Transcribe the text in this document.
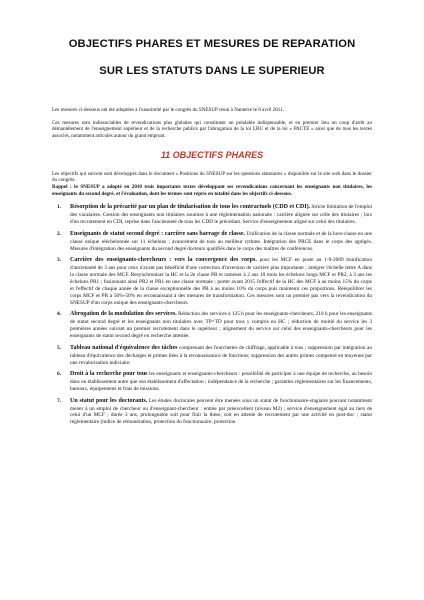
OBJECTIFS PHARES ET MESURES DE REPARATION
SUR LES STATUTS DANS LE SUPERIEUR

Les mesures ci-dessous ont été adoptées à l'unanimité par le congrès du SNESUP réuni à Nanterre le 8 avril 2011.

Ces mesures sont indissociables de revendications plus globales qui constituent un préalable indispensable, et en premier lieu un coup d'arrêt au démantèlement de l'enseignement supérieur et de la recherche publics par l'abrogation de la loi LRU et de la loi « PACTE » ainsi que de tous les textes associés, notamment articulés autour du grand emprunt.

11 OBJECTIFS PHARES

Les objectifs qui suivent sont développés dans le document « Positions du SNESUP sur les questions statutaires » disponible sur le site web dans le dossier du congrès.

Rappel : le SNESUP a adopté en 2010 trois importants textes développant ses revendications concernant les enseignants non titulaires, les enseignants du second degré, et l'évaluation, dont les termes sont repris en totalité dans les objectifs ci-dessous.

1.	Résorption de la précarité par un plan de titularisation de tous les contractuels (CDD et CDI). Stricte limitation de l'emploi des vacataires. Gestion des enseignants non titulaires soumise à une réglementation nationale : carrière alignée sur celle des titulaires ; lors d'un recrutement en CDI, reprise dans l'ancienneté de tous les CDD le précédant. Service d'enseignement aligné sur celui des titulaires.
2.	Enseignants de statut second degré : carrière sans barrage de classe. Unification de la classe normale et de la hors-classe en une classe unique rééchelonnée sur 11 échelons ; avancement de tous au meilleur rythme. Intégration des PRCE dans le corps des agrégés. Mesures d'intégration des enseignants du second degré docteurs qualifiés dans le corps des maîtres de conférences.
3.	Carrière des enseignants-chercheurs : vers la convergence des corps. pour les MCF en poste au 1-9-2009 bonification d'ancienneté de 3 ans pour ceux n'ayant pas bénéficié d'une correction d'inversion de carrière plus importante ; intégrer l'échelle lettre A dans la classe normale des MCF. Resynchroniser la HC et la 2e classe PR et ramener à 2 ans 10 mois les échelons longs MCF et PR2, à 3 ans les échelons PR1 ; fusionnant ainsi PR2 et PR1 en une classe normale ; porter avant 2015 l'effectif de la HC des MCF à au moins 15% du corps et l'effectif de chaque année de la classe exceptionnelle des PR à au moins 10% du corps puis maintenir ces proportions. Rééquilibrer les corps MCF et PR à 50%-50% en reconnaissant à des mesures de transformation. Ces mesures sont un premier pas vers la revendication du SNESUP d'un corps unique des enseignants-chercheurs.
4.	Abrogation de la modulation des services. Réduction des services à 125 h pour les enseignants-chercheurs, 210 h pour les enseignants de statut second degré et les enseignants non titulaires avec TP=TD pour tous y compris en HC ; réduction de moitié du service les 3 premières années suivant un premier recrutement dans le supérieur ; alignement du service sur celui des enseignants-chercheurs pour les enseignants de statut second degré en recherche attestée.
5.	Tableau national d'équivalence des tâches comprenant des fourchettes de chiffrage, applicable à tous ; suppression par intégration au tableau d'équivalence des décharges et primes liées à la reconnaissance de fonctions; suppression des autres primes compensé en moyenne par une revalorisation indiciaire.
6.	Droit à la recherche pour tous les enseignants et enseignants-chercheurs : possibilité de participer à une équipe de recherche, au besoin dans un établissement autre que son établissement d'affectation ; indépendance de la recherche ; garanties réglementaires sur les financements, bureaux, équipements et frais de missions.
7.	Un statut pour les doctorants. Les études doctorales peuvent être menées sous un statut de fonctionnaire-stagiaire pouvant notamment mener à un emploi de chercheur ou d'enseignant-chercheur : entrée par préexcellent (niveau M2) ; service d'enseignement égal au tiers de celui d'un MCF ; durée 3 ans, prolongeable soit pour finir la thèse, soit en attente de recrutement par une activité en post-doc ; statut réglementaire (indice de rémunération, protection du fonctionnaire, protection
